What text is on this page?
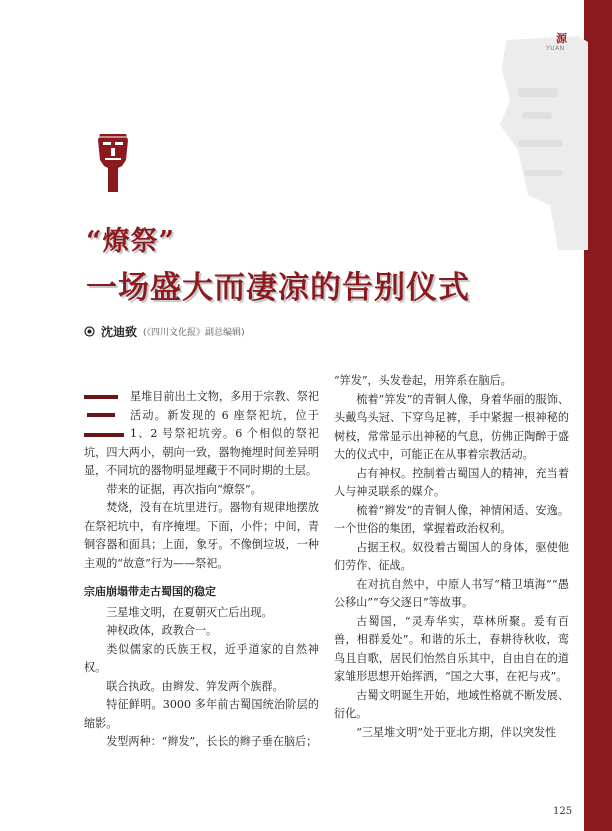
源
YUAN
“燎祭”
一场盛大而凄凉的告别仪式
沈迪致 (《四川文化报》副总编辑)

星堆目前出土文物，多用于宗教、祭祀活动。新发现的 6 座祭祀坑，位于 1、2 号祭祀坑旁。6 个相似的祭祀坑，四大两小，朝向一致，器物掩埋时间差异明显，不同坑的器物明显埋藏于不同时期的土层。

带来的证据，再次指向“燎祭”。

焚烧，没有在坑里进行。器物有规律地摆放在祭祀坑中，有序掩埋。下面，小件；中间，青铜容器和面具；上面，象牙。不像倒垃圾，一种主观的“故意”行为——祭祀。

宗庙崩塌带走古蜀国的稳定

三星堆文明，在夏朝灭亡后出现。

神权政体，政教合一。

类似儒家的氏族王权，近乎道家的自然神权。

联合执政。由辫发、笄发两个族群。

特征鲜明。3000 多年前古蜀国统治阶层的缩影。

发型两种：“辫发”，长长的辫子垂在脑后；

“笄发”，头发卷起，用笄系在脑后。

梳着“笄发”的青铜人像，身着华丽的服饰、头戴鸟头冠、下穿鸟足裤，手中紧握一根神秘的树枝，常常显示出神秘的气息，仿佛正陶醉于盛大的仪式中，可能正在从事着宗教活动。

占有神权。控制着古蜀国人的精神，充当着人与神灵联系的媒介。

梳着“辫发”的青铜人像，神情闲适、安逸。一个世俗的集团，掌握着政治权利。

占据王权。奴役着古蜀国人的身体，驱使他们劳作、征战。

在对抗自然中，中原人书写“精卫填海”“愚公移山”“夸父逐日”等故事。

古蜀国，“灵寿华实，草林所聚。爰有百兽，相群爰处”。和谐的乐土，春耕待秋收，鸾鸟且自歌，居民们怡然自乐其中，自由自在的道家雏形思想开始挥洒，“国之大事，在祀与戎”。

古蜀文明诞生开始，地域性格就不断发展、衍化。

“三星堆文明”处于亚北方期，伴以突发性

125
